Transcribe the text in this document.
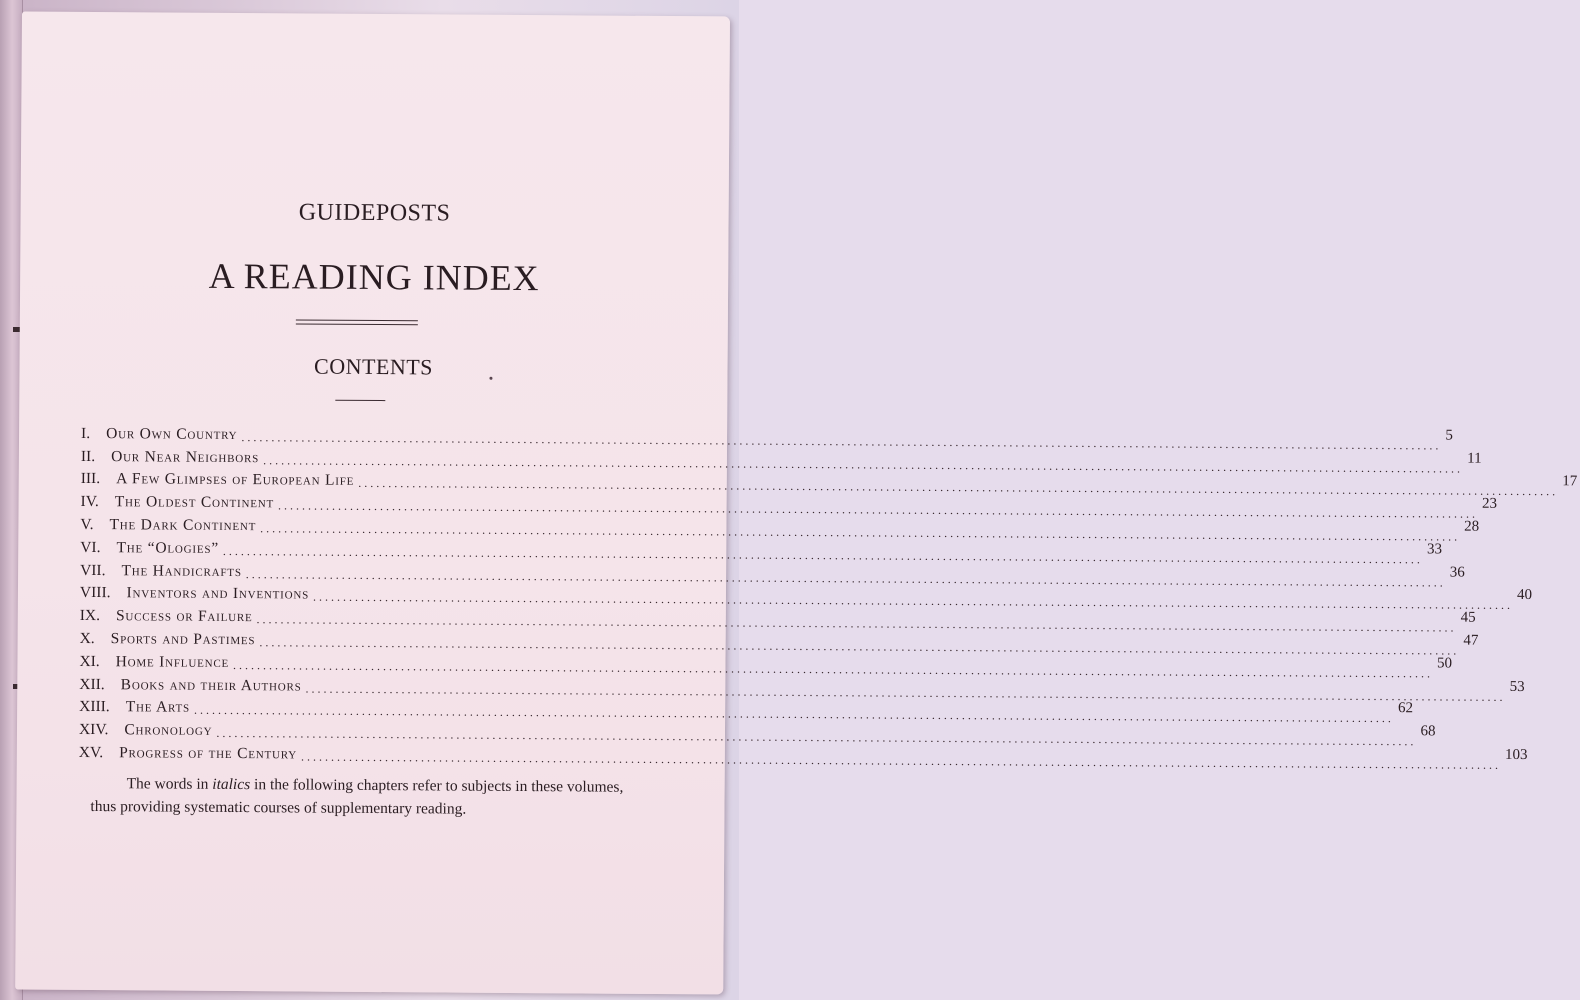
GUIDEPOSTS
A READING INDEX
CONTENTS
I.	Our Own Country ........................................................................................................................................................................................................ 5
II.	Our Near Neighbors ........................................................................................................................................................................................................ 11
III.	A Few Glimpses of European Life ........................................................................................................................................................................................................ 17
IV.	The Oldest Continent ........................................................................................................................................................................................................ 23
V.	The Dark Continent ........................................................................................................................................................................................................ 28
VI.	The “Ologies” ........................................................................................................................................................................................................ 33
VII.	The Handicrafts ........................................................................................................................................................................................................ 36
VIII.	Inventors and Inventions ........................................................................................................................................................................................................ 40
IX.	Success or Failure ........................................................................................................................................................................................................ 45
X.	Sports and Pastimes ........................................................................................................................................................................................................ 47
XI.	Home Influence ........................................................................................................................................................................................................ 50
XII.	Books and their Authors ........................................................................................................................................................................................................ 53
XIII.	The Arts ........................................................................................................................................................................................................ 62
XIV.	Chronology ........................................................................................................................................................................................................ 68
XV.	Progress of the Century ........................................................................................................................................................................................................ 103
The words in italics in the following chapters refer to subjects in these volumes, thus providing systematic courses of supplementary reading.
